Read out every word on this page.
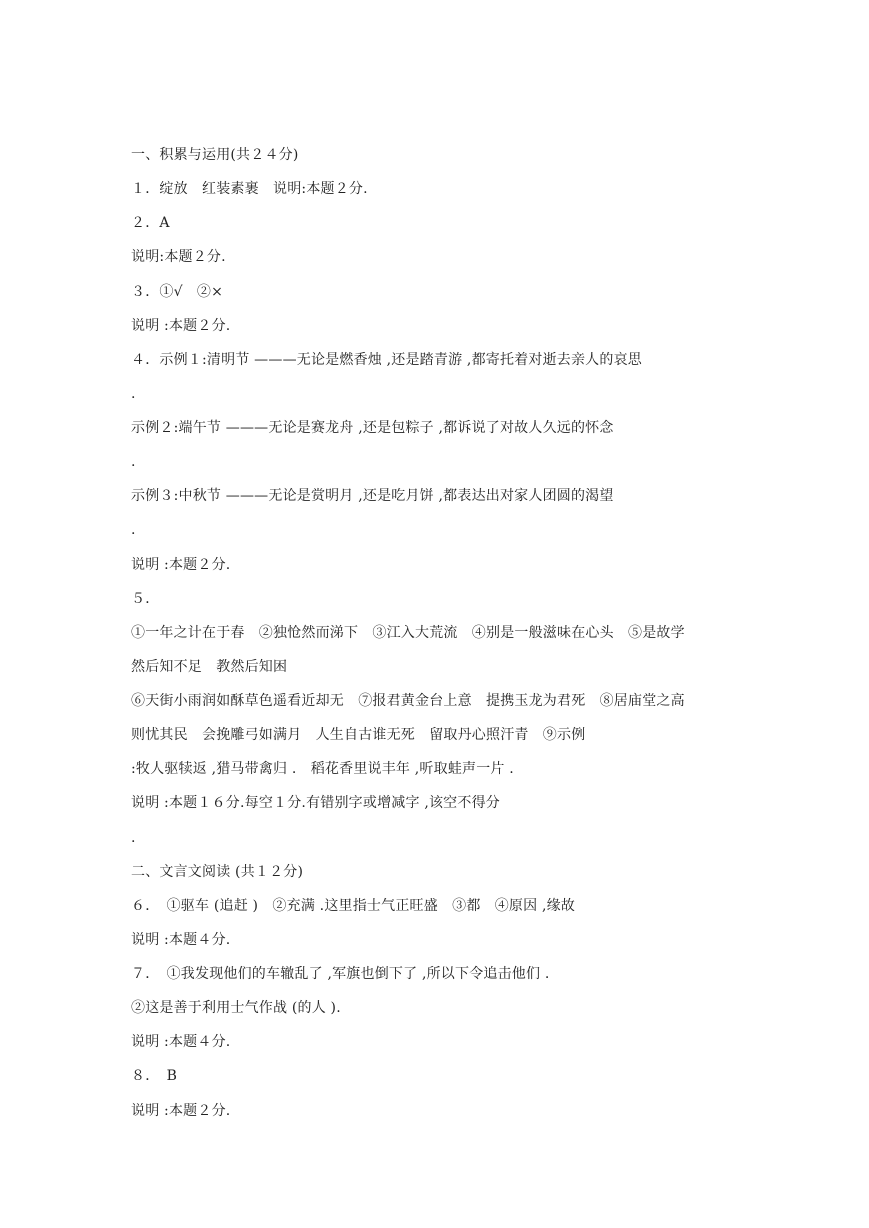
一、积累与运用(共２４分)
１．绽放　红装素裹　说明:本题２分.
２．A
说明:本题２分.
３．①√　②×
说明 :本题２分.
４．示例１:清明节 ———无论是燃香烛 ,还是踏青游 ,都寄托着对逝去亲人的哀思
.
示例２:端午节 ———无论是赛龙舟 ,还是包粽子 ,都诉说了对故人久远的怀念
.
示例３:中秋节 ———无论是赏明月 ,还是吃月饼 ,都表达出对家人团圆的渴望
.
说明 :本题２分.
５．
①一年之计在于春　②独怆然而涕下　③江入大荒流　④别是一般滋味在心头　⑤是故学
然后知不足　教然后知困
⑥天街小雨润如酥草色遥看近却无　⑦报君黄金台上意　提携玉龙为君死　⑧居庙堂之高
则忧其民　会挽雕弓如满月　人生自古谁无死　留取丹心照汗青　⑨示例
:牧人驱犊返 ,猎马带禽归 .　稻花香里说丰年 ,听取蛙声一片 .
说明 :本题１６分.每空１分.有错别字或增减字 ,该空不得分
.
二、文言文阅读 (共１２分)
６．　①驱车 (追赶 )　②充满 .这里指士气正旺盛　③都　④原因 ,缘故
说明 :本题４分.
７．　①我发现他们的车辙乱了 ,军旗也倒下了 ,所以下令追击他们 .
②这是善于利用士气作战 (的人 ).
说明 :本题４分.
８．　B
说明 :本题２分.
